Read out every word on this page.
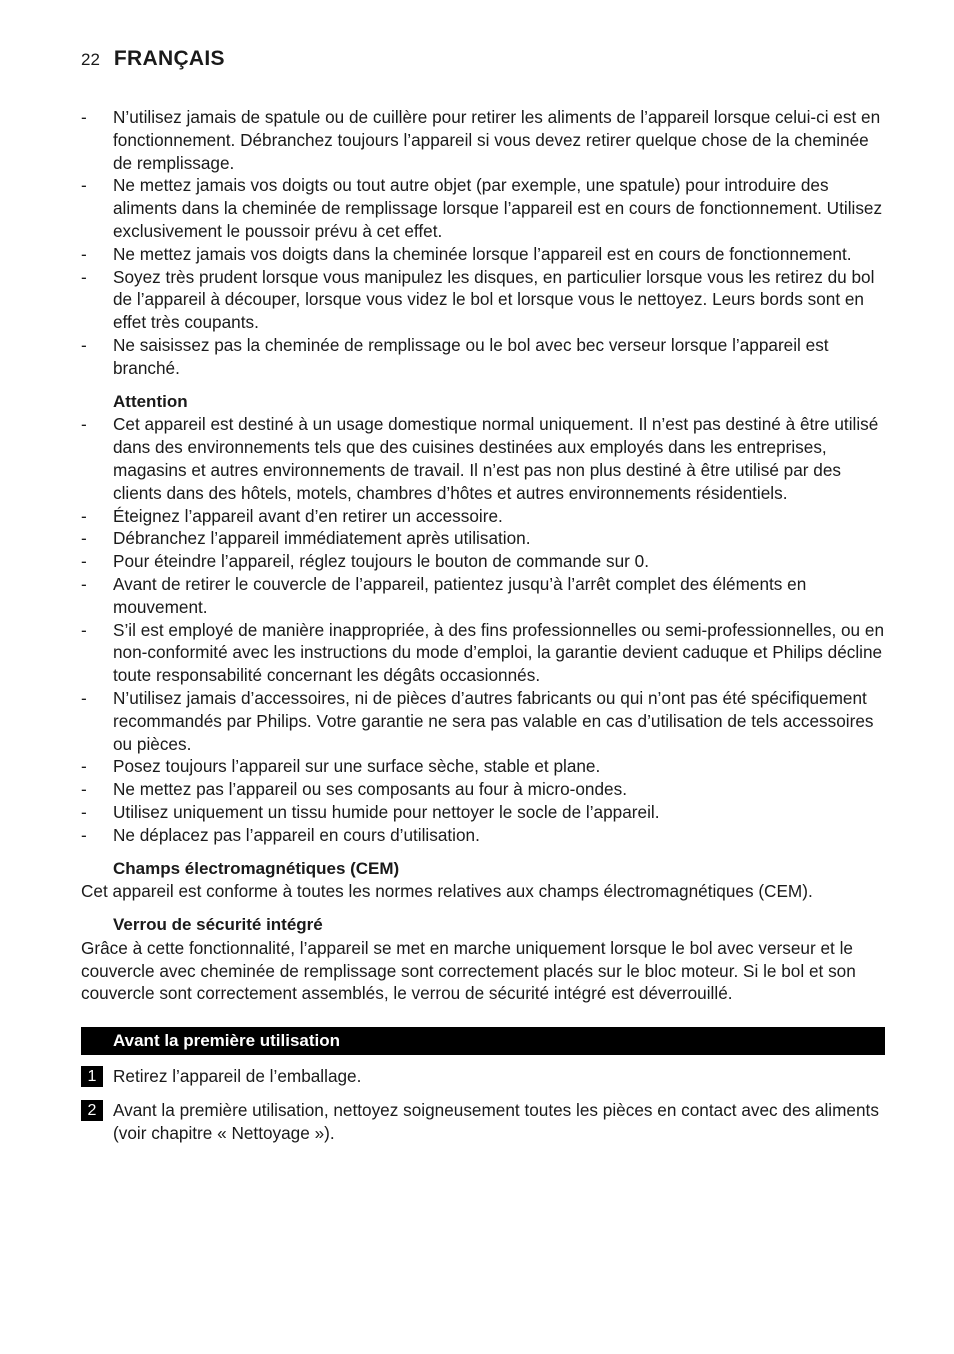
22 FRANÇAIS
- N’utilisez jamais de spatule ou de cuillère pour retirer les aliments de l’appareil lorsque celui-ci est en fonctionnement. Débranchez toujours l’appareil si vous devez retirer quelque chose de la cheminée de remplissage.
- Ne mettez jamais vos doigts ou tout autre objet (par exemple, une spatule) pour introduire des aliments dans la cheminée de remplissage lorsque l’appareil est en cours de fonctionnement. Utilisez exclusivement le poussoir prévu à cet effet.
- Ne mettez jamais vos doigts dans la cheminée lorsque l’appareil est en cours de fonctionnement.
- Soyez très prudent lorsque vous manipulez les disques, en particulier lorsque vous les retirez du bol de l’appareil à découper, lorsque vous videz le bol et lorsque vous le nettoyez. Leurs bords sont en effet très coupants.
- Ne saisissez pas la cheminée de remplissage ou le bol avec bec verseur lorsque l’appareil est branché.
Attention
- Cet appareil est destiné à un usage domestique normal uniquement. Il n’est pas destiné à être utilisé dans des environnements tels que des cuisines destinées aux employés dans les entreprises, magasins et autres environnements de travail. Il n’est pas non plus destiné à être utilisé par des clients dans des hôtels, motels, chambres d’hôtes et autres environnements résidentiels.
- Éteignez l’appareil avant d’en retirer un accessoire.
- Débranchez l’appareil immédiatement après utilisation.
- Pour éteindre l’appareil, réglez toujours le bouton de commande sur 0.
- Avant de retirer le couvercle de l’appareil, patientez jusqu’à l’arrêt complet des éléments en mouvement.
- S’il est employé de manière inappropriée, à des fins professionnelles ou semi-professionnelles, ou en non-conformité avec les instructions du mode d’emploi, la garantie devient caduque et Philips décline toute responsabilité concernant les dégâts occasionnés.
- N’utilisez jamais d’accessoires, ni de pièces d’autres fabricants ou qui n’ont pas été spécifiquement recommandés par Philips. Votre garantie ne sera pas valable en cas d’utilisation de tels accessoires ou pièces.
- Posez toujours l’appareil sur une surface sèche, stable et plane.
- Ne mettez pas l’appareil ou ses composants au four à micro-ondes.
- Utilisez uniquement un tissu humide pour nettoyer le socle de l’appareil.
- Ne déplacez pas l’appareil en cours d’utilisation.
Champs électromagnétiques (CEM)

Cet appareil est conforme à toutes les normes relatives aux champs électromagnétiques (CEM).

Verrou de sécurité intégré

Grâce à cette fonctionnalité, l’appareil se met en marche uniquement lorsque le bol avec verseur et le couvercle avec cheminée de remplissage sont correctement placés sur le bloc moteur. Si le bol et son couvercle sont correctement assemblés, le verrou de sécurité intégré est déverrouillé.

Avant la première utilisation
1 Retirez l’appareil de l’emballage.
2 Avant la première utilisation, nettoyez soigneusement toutes les pièces en contact avec des aliments (voir chapitre « Nettoyage »).
